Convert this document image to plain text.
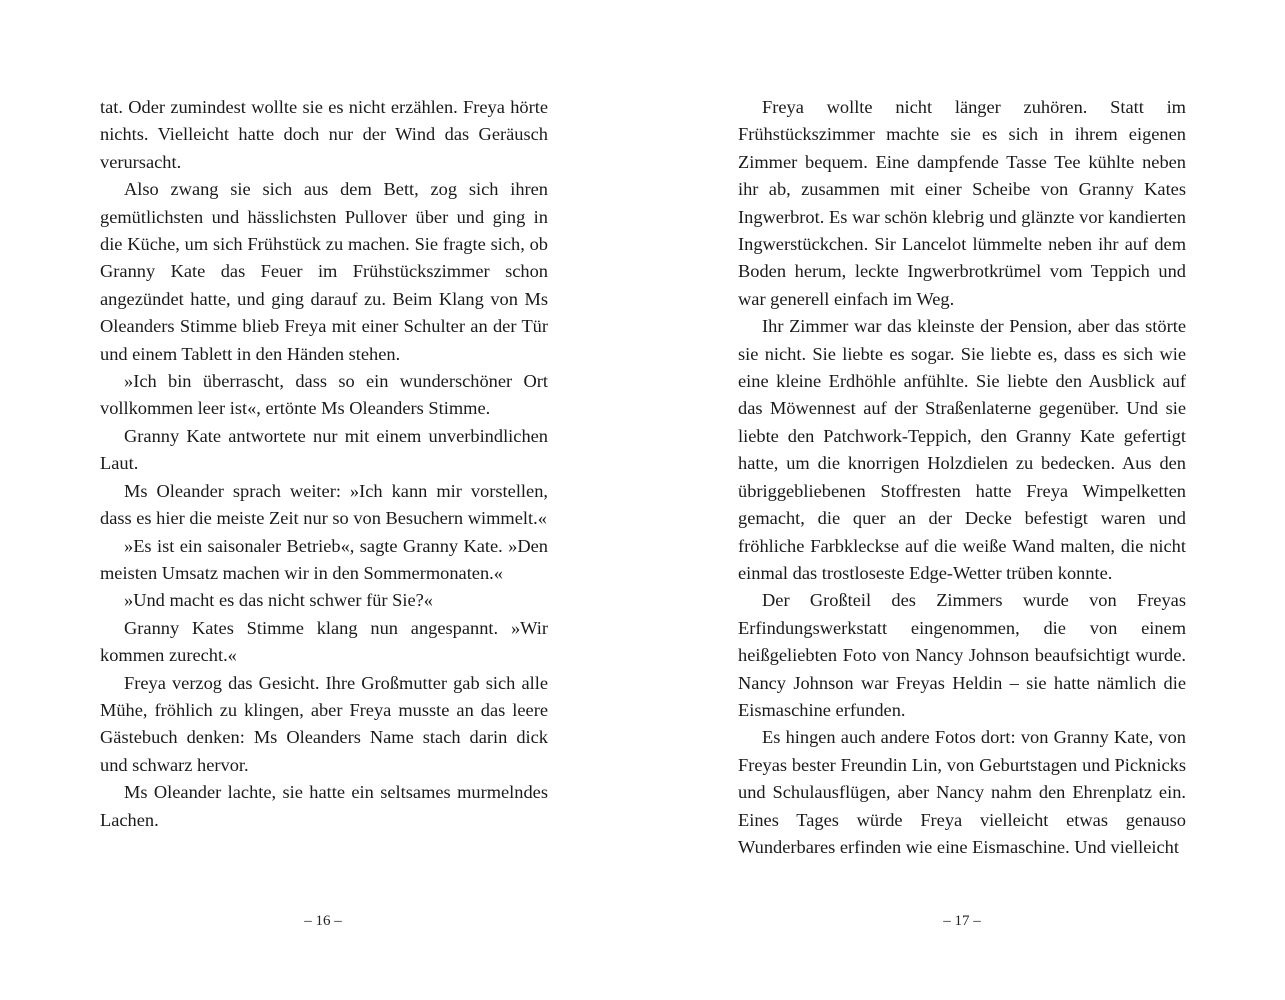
tat. Oder zumindest wollte sie es nicht erzählen. Freya hörte nichts. Vielleicht hatte doch nur der Wind das Geräusch verursacht.

Also zwang sie sich aus dem Bett, zog sich ihren gemütlichsten und hässlichsten Pullover über und ging in die Küche, um sich Frühstück zu machen. Sie fragte sich, ob Granny Kate das Feuer im Frühstückszimmer schon angezündet hatte, und ging darauf zu. Beim Klang von Ms Oleanders Stimme blieb Freya mit einer Schulter an der Tür und einem Tablett in den Händen stehen.

»Ich bin überrascht, dass so ein wunderschöner Ort vollkommen leer ist«, ertönte Ms Oleanders Stimme.

Granny Kate antwortete nur mit einem unverbindlichen Laut.

Ms Oleander sprach weiter: »Ich kann mir vorstellen, dass es hier die meiste Zeit nur so von Besuchern wimmelt.«

»Es ist ein saisonaler Betrieb«, sagte Granny Kate. »Den meisten Umsatz machen wir in den Sommermonaten.«

»Und macht es das nicht schwer für Sie?«

Granny Kates Stimme klang nun angespannt. »Wir kommen zurecht.«

Freya verzog das Gesicht. Ihre Großmutter gab sich alle Mühe, fröhlich zu klingen, aber Freya musste an das leere Gästebuch denken: Ms Oleanders Name stach darin dick und schwarz hervor.

Ms Oleander lachte, sie hatte ein seltsames murmelndes Lachen.

Freya wollte nicht länger zuhören. Statt im Frühstückszimmer machte sie es sich in ihrem eigenen Zimmer bequem. Eine dampfende Tasse Tee kühlte neben ihr ab, zusammen mit einer Scheibe von Granny Kates Ingwerbrot. Es war schön klebrig und glänzte vor kandierten Ingwerstückchen. Sir Lancelot lümmelte neben ihr auf dem Boden herum, leckte Ingwerbrotkrümel vom Teppich und war generell einfach im Weg.

Ihr Zimmer war das kleinste der Pension, aber das störte sie nicht. Sie liebte es sogar. Sie liebte es, dass es sich wie eine kleine Erdhöhle anfühlte. Sie liebte den Ausblick auf das Möwennest auf der Straßenlaterne gegenüber. Und sie liebte den Patchwork-Teppich, den Granny Kate gefertigt hatte, um die knorrigen Holzdielen zu bedecken. Aus den übriggebliebenen Stoffresten hatte Freya Wimpelketten gemacht, die quer an der Decke befestigt waren und fröhliche Farbkleckse auf die weiße Wand malten, die nicht einmal das trostloseste Edge-Wetter trüben konnte.

Der Großteil des Zimmers wurde von Freyas Erfindungswerkstatt eingenommen, die von einem heißgeliebten Foto von Nancy Johnson beaufsichtigt wurde. Nancy Johnson war Freyas Heldin – sie hatte nämlich die Eismaschine erfunden.

Es hingen auch andere Fotos dort: von Granny Kate, von Freyas bester Freundin Lin, von Geburtstagen und Picknicks und Schulausflügen, aber Nancy nahm den Ehrenplatz ein. Eines Tages würde Freya vielleicht etwas genauso Wunderbares erfinden wie eine Eismaschine. Und vielleicht

– 16 –	– 17 –
